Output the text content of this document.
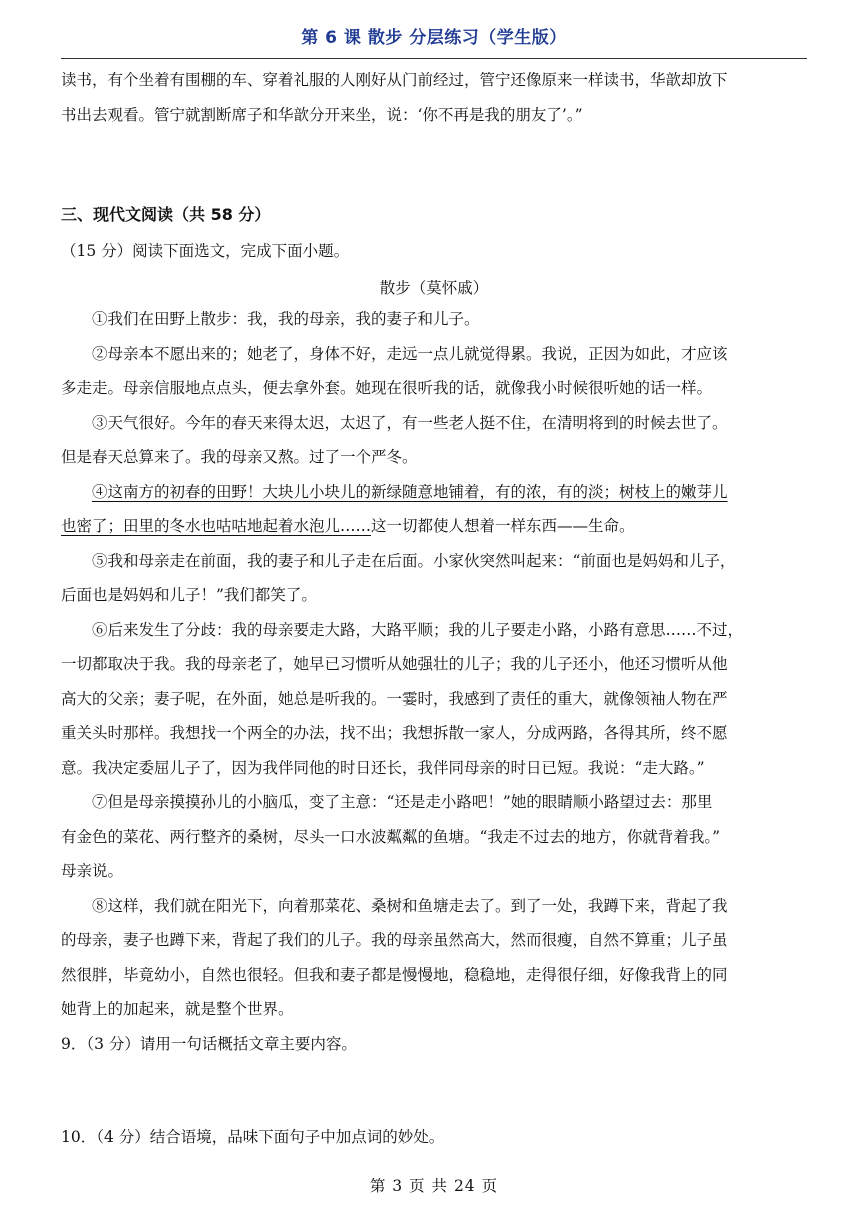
第 6 课 散步 分层练习（学生版）
读书，有个坐着有围棚的车、穿着礼服的人刚好从门前经过，管宁还像原来一样读书，华歆却放下
书出去观看。管宁就割断席子和华歆分开来坐，说：‘你不再是我的朋友了’。”
三、现代文阅读（共 58 分）
（15 分）阅读下面选文，完成下面小题。
散步（莫怀戚）
①我们在田野上散步：我，我的母亲，我的妻子和儿子。
②母亲本不愿出来的；她老了，身体不好，走远一点儿就觉得累。我说，正因为如此，才应该
多走走。母亲信服地点点头，便去拿外套。她现在很听我的话，就像我小时候很听她的话一样。
③天气很好。今年的春天来得太迟，太迟了，有一些老人挺不住，在清明将到的时候去世了。
但是春天总算来了。我的母亲又熬。过了一个严冬。
④这南方的初春的田野！大块儿小块儿的新绿随意地铺着，有的浓，有的淡；树枝上的嫩芽儿
也密了；田里的冬水也咕咕地起着水泡儿……这一切都使人想着一样东西——生命。
⑤我和母亲走在前面，我的妻子和儿子走在后面。小家伙突然叫起来：“前面也是妈妈和儿子，
后面也是妈妈和儿子！”我们都笑了。
⑥后来发生了分歧：我的母亲要走大路，大路平顺；我的儿子要走小路，小路有意思……不过，
一切都取决于我。我的母亲老了，她早已习惯听从她强壮的儿子；我的儿子还小，他还习惯听从他
高大的父亲；妻子呢，在外面，她总是听我的。一霎时，我感到了责任的重大，就像领袖人物在严
重关头时那样。我想找一个两全的办法，找不出；我想拆散一家人，分成两路，各得其所，终不愿
意。我决定委屈儿子了，因为我伴同他的时日还长，我伴同母亲的时日已短。我说：“走大路。”
⑦但是母亲摸摸孙儿的小脑瓜，变了主意：“还是走小路吧！”她的眼睛顺小路望过去：那里
有金色的菜花、两行整齐的桑树，尽头一口水波粼粼的鱼塘。“我走不过去的地方，你就背着我。”
母亲说。
⑧这样，我们就在阳光下，向着那菜花、桑树和鱼塘走去了。到了一处，我蹲下来，背起了我
的母亲，妻子也蹲下来，背起了我们的儿子。我的母亲虽然高大，然而很瘦，自然不算重；儿子虽
然很胖，毕竟幼小，自然也很轻。但我和妻子都是慢慢地，稳稳地，走得很仔细，好像我背上的同
她背上的加起来，就是整个世界。
9．（3 分）请用一句话概括文章主要内容。
10．（4 分）结合语境，品味下面句子中加点词的妙处。
第 3 页 共 24 页
